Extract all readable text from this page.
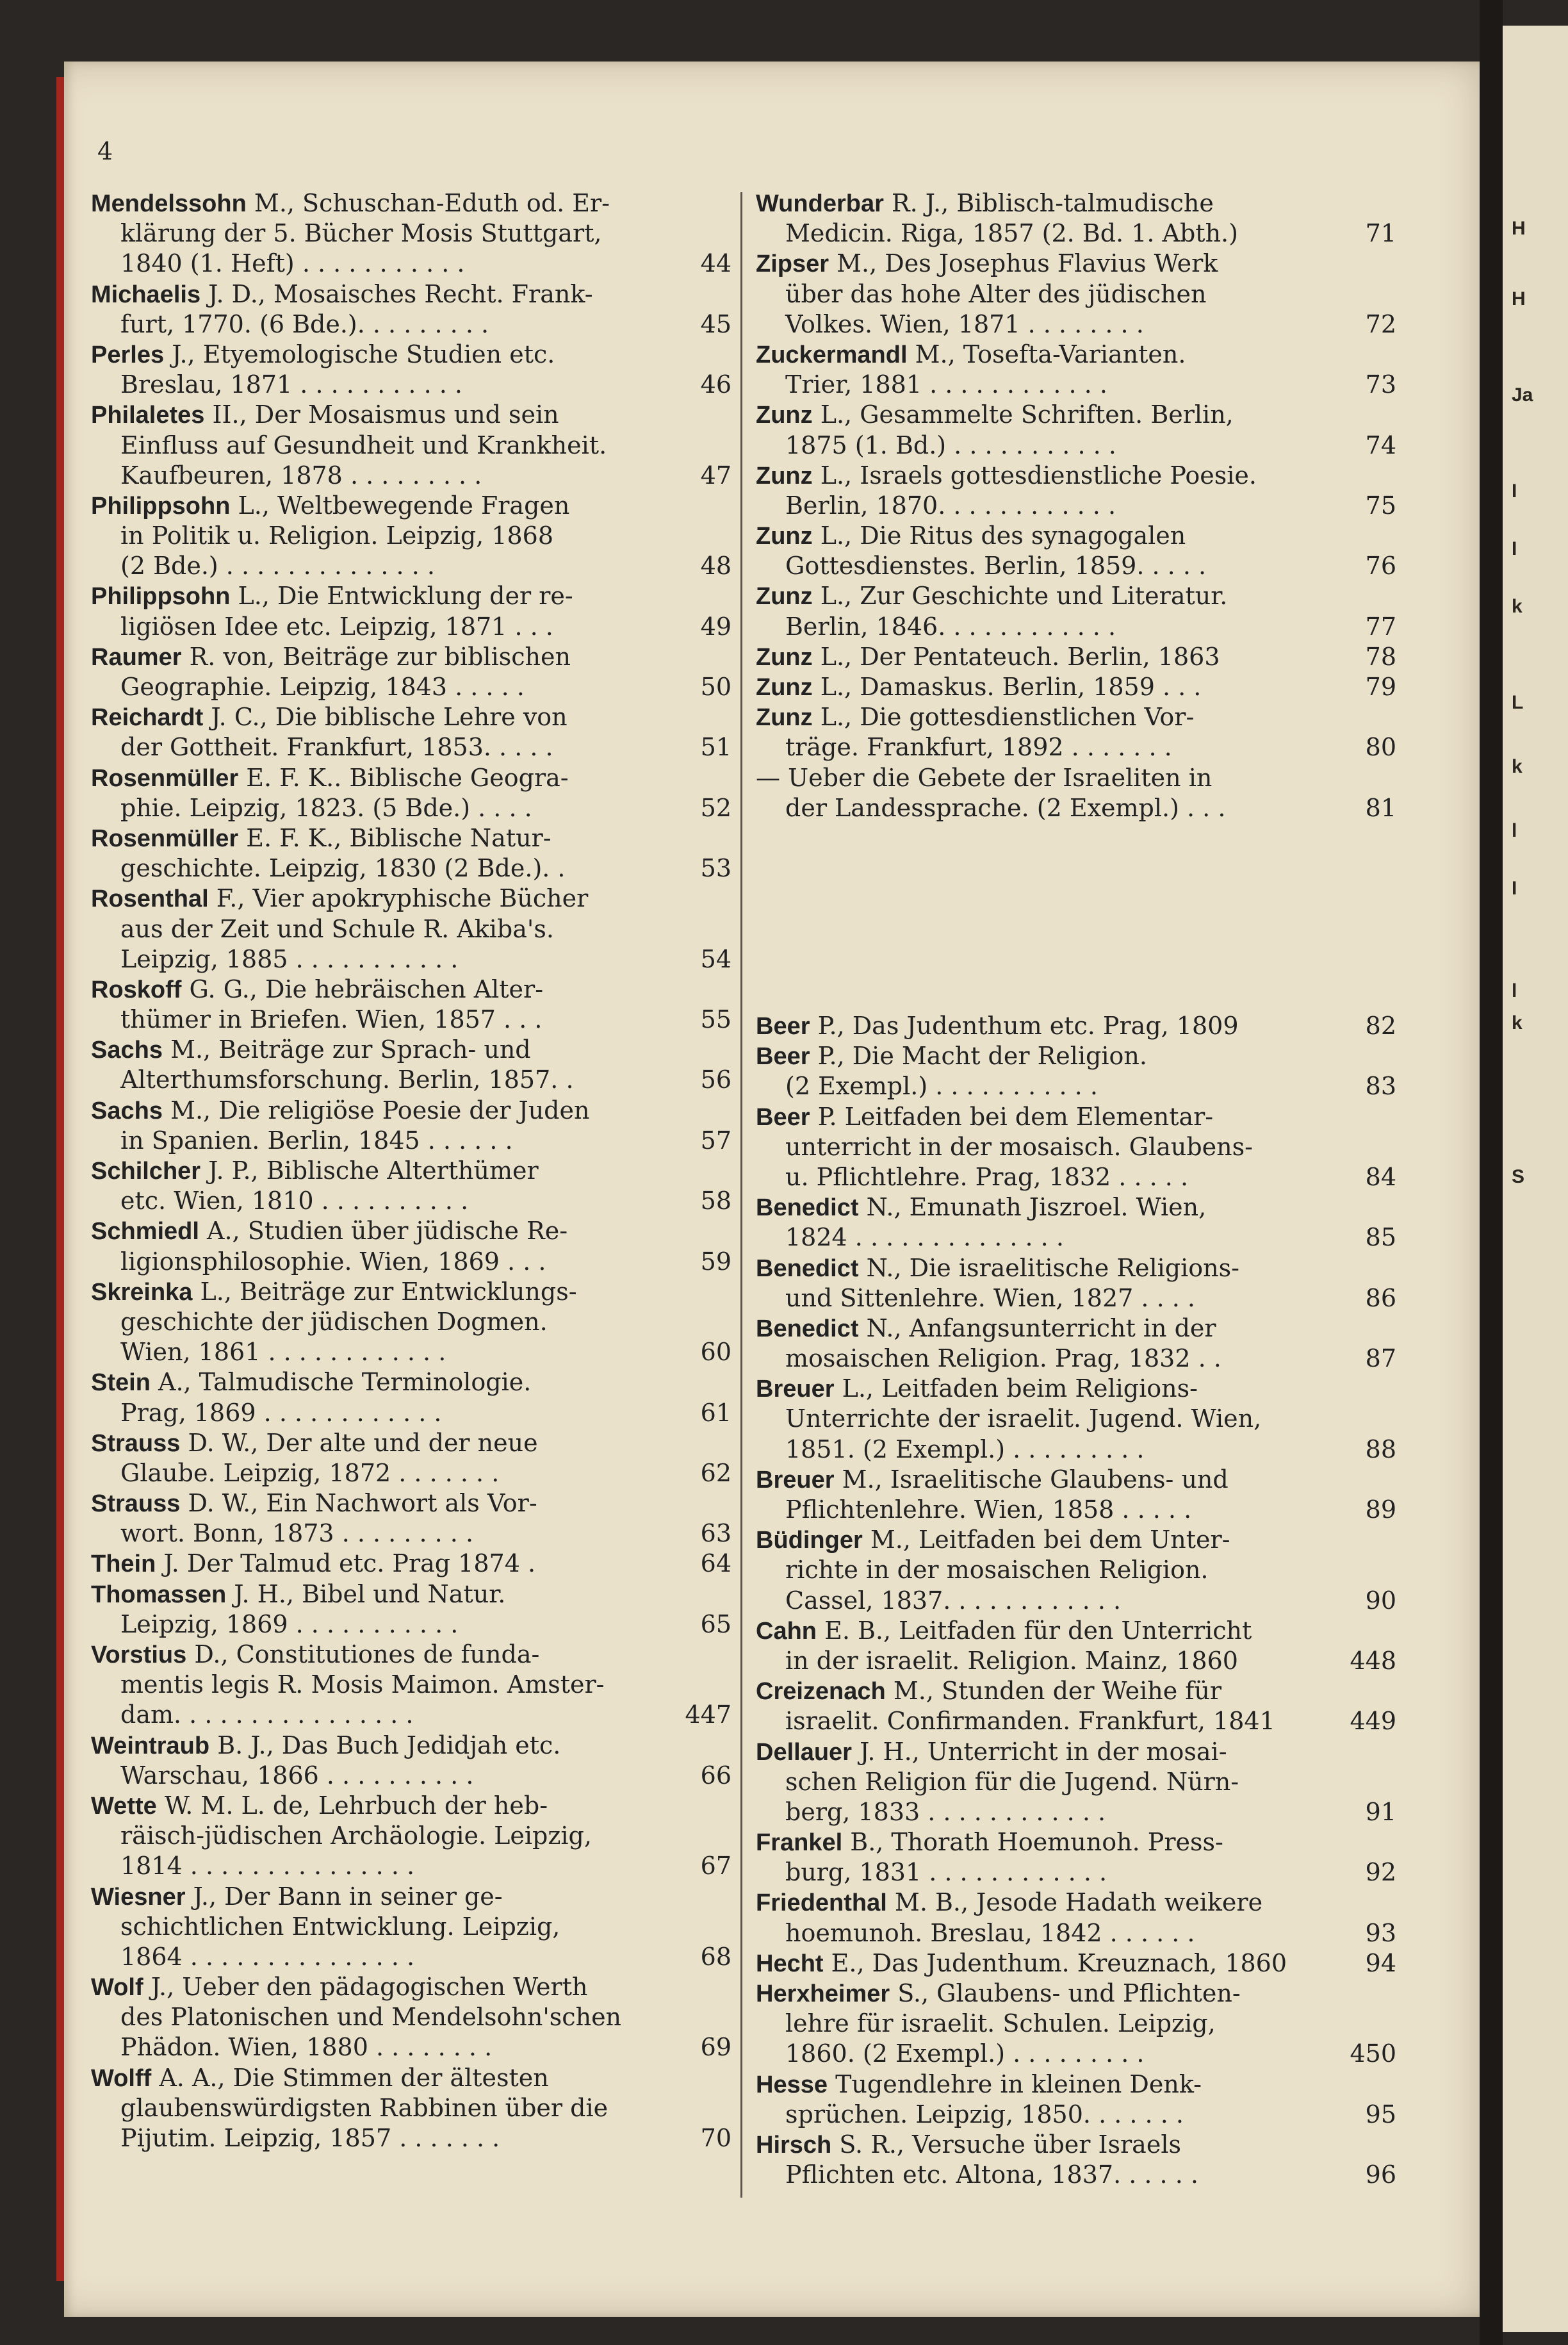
H
H
Ja
I
I
k
L
k
l
I
l
k
S
4
Mendelssohn M., Schuschan-Eduth od. Er-
klärung der 5. Bücher Mosis Stuttgart,
1840 (1. Heft) . . . . . . . . . . .	44
Michaelis J. D., Mosaisches Recht. Frank-
furt, 1770. (6 Bde.). . . . . . . . .	45
Perles J., Etyemologische Studien etc.
Breslau, 1871 . . . . . . . . . . .	46
Philaletes II., Der Mosaismus und sein
Einfluss auf Gesundheit und Krankheit.
Kaufbeuren, 1878 . . . . . . . . .	47
Philippsohn L., Weltbewegende Fragen
in Politik u. Religion. Leipzig, 1868
(2 Bde.) . . . . . . . . . . . . . .	48
Philippsohn L., Die Entwicklung der re-
ligiösen Idee etc. Leipzig, 1871 . . .	49
Raumer R. von, Beiträge zur biblischen
Geographie. Leipzig, 1843 . . . . .	50
Reichardt J. C., Die biblische Lehre von
der Gottheit. Frankfurt, 1853. . . . .	51
Rosenmüller E. F. K.. Biblische Geogra-
phie. Leipzig, 1823. (5 Bde.) . . . .	52
Rosenmüller E. F. K., Biblische Natur-
geschichte. Leipzig, 1830 (2 Bde.). .	53
Rosenthal F., Vier apokryphische Bücher
aus der Zeit und Schule R. Akiba's.
Leipzig, 1885 . . . . . . . . . . .	54
Roskoff G. G., Die hebräischen Alter-
thümer in Briefen. Wien, 1857 . . .	55
Sachs M., Beiträge zur Sprach- und
Alterthumsforschung. Berlin, 1857. .	56
Sachs M., Die religiöse Poesie der Juden
in Spanien. Berlin, 1845 . . . . . .	57
Schilcher J. P., Biblische Alterthümer
etc. Wien, 1810 . . . . . . . . . .	58
Schmiedl A., Studien über jüdische Re-
ligionsphilosophie. Wien, 1869 . . .	59
Skreinka L., Beiträge zur Entwicklungs-
geschichte der jüdischen Dogmen.
Wien, 1861 . . . . . . . . . . . .	60
Stein A., Talmudische Terminologie.
Prag, 1869 . . . . . . . . . . . .	61
Strauss D. W., Der alte und der neue
Glaube. Leipzig, 1872 . . . . . . .	62
Strauss D. W., Ein Nachwort als Vor-
wort. Bonn, 1873 . . . . . . . . .	63
Thein J. Der Talmud etc. Prag 1874 .	64
Thomassen J. H., Bibel und Natur.
Leipzig, 1869 . . . . . . . . . . .	65
Vorstius D., Constitutiones de funda-
mentis legis R. Mosis Maimon. Amster-
dam. . . . . . . . . . . . . . . .	447
Weintraub B. J., Das Buch Jedidjah etc.
Warschau, 1866 . . . . . . . . . .	66
Wette W. M. L. de, Lehrbuch der heb-
räisch-jüdischen Archäologie. Leipzig,
1814 . . . . . . . . . . . . . . .	67
Wiesner J., Der Bann in seiner ge-
schichtlichen Entwicklung. Leipzig,
1864 . . . . . . . . . . . . . . .	68
Wolf J., Ueber den pädagogischen Werth
des Platonischen und Mendelsohn'schen
Phädon. Wien, 1880 . . . . . . . .	69
Wolff A. A., Die Stimmen der ältesten
glaubenswürdigsten Rabbinen über die
Pijutim. Leipzig, 1857 . . . . . . .	70
Wunderbar R. J., Biblisch-talmudische
Medicin. Riga, 1857 (2. Bd. 1. Abth.)	71
Zipser M., Des Josephus Flavius Werk
über das hohe Alter des jüdischen
Volkes. Wien, 1871 . . . . . . . .	72
Zuckermandl M., Tosefta-Varianten.
Trier, 1881 . . . . . . . . . . . .	73
Zunz L., Gesammelte Schriften. Berlin,
1875 (1. Bd.) . . . . . . . . . . .	74
Zunz L., Israels gottesdienstliche Poesie.
Berlin, 1870. . . . . . . . . . . .	75
Zunz L., Die Ritus des synagogalen
Gottesdienstes. Berlin, 1859. . . . .	76
Zunz L., Zur Geschichte und Literatur.
Berlin, 1846. . . . . . . . . . . .	77
Zunz L., Der Pentateuch. Berlin, 1863	78
Zunz L., Damaskus. Berlin, 1859 . . .	79
Zunz L., Die gottesdienstlichen Vor-
träge. Frankfurt, 1892 . . . . . . .	80
— Ueber die Gebete der Israeliten in
der Landessprache. (2 Exempl.) . . .	81
Beer P., Das Judenthum etc. Prag, 1809	82
Beer P., Die Macht der Religion.
(2 Exempl.) . . . . . . . . . . .	83
Beer P. Leitfaden bei dem Elementar-
unterricht in der mosaisch. Glaubens-
u. Pflichtlehre. Prag, 1832 . . . . .	84
Benedict N., Emunath Jiszroel. Wien,
1824 . . . . . . . . . . . . . .	85
Benedict N., Die israelitische Religions-
und Sittenlehre. Wien, 1827 . . . .	86
Benedict N., Anfangsunterricht in der
mosaischen Religion. Prag, 1832 . .	87
Breuer L., Leitfaden beim Religions-
Unterrichte der israelit. Jugend. Wien,
1851. (2 Exempl.) . . . . . . . . .	88
Breuer M., Israelitische Glaubens- und
Pflichtenlehre. Wien, 1858 . . . . .	89
Büdinger M., Leitfaden bei dem Unter-
richte in der mosaischen Religion.
Cassel, 1837. . . . . . . . . . . .	90
Cahn E. B., Leitfaden für den Unterricht
in der israelit. Religion. Mainz, 1860	448
Creizenach M., Stunden der Weihe für
israelit. Confirmanden. Frankfurt, 1841	449
Dellauer J. H., Unterricht in der mosai-
schen Religion für die Jugend. Nürn-
berg, 1833 . . . . . . . . . . . .	91
Frankel B., Thorath Hoemunoh. Press-
burg, 1831 . . . . . . . . . . . .	92
Friedenthal M. B., Jesode Hadath weikere
hoemunoh. Breslau, 1842 . . . . . .	93
Hecht E., Das Judenthum. Kreuznach, 1860	94
Herxheimer S., Glaubens- und Pflichten-
lehre für israelit. Schulen. Leipzig,
1860. (2 Exempl.) . . . . . . . . .	450
Hesse Tugendlehre in kleinen Denk-
sprüchen. Leipzig, 1850. . . . . . .	95
Hirsch S. R., Versuche über Israels
Pflichten etc. Altona, 1837. . . . . .	96
